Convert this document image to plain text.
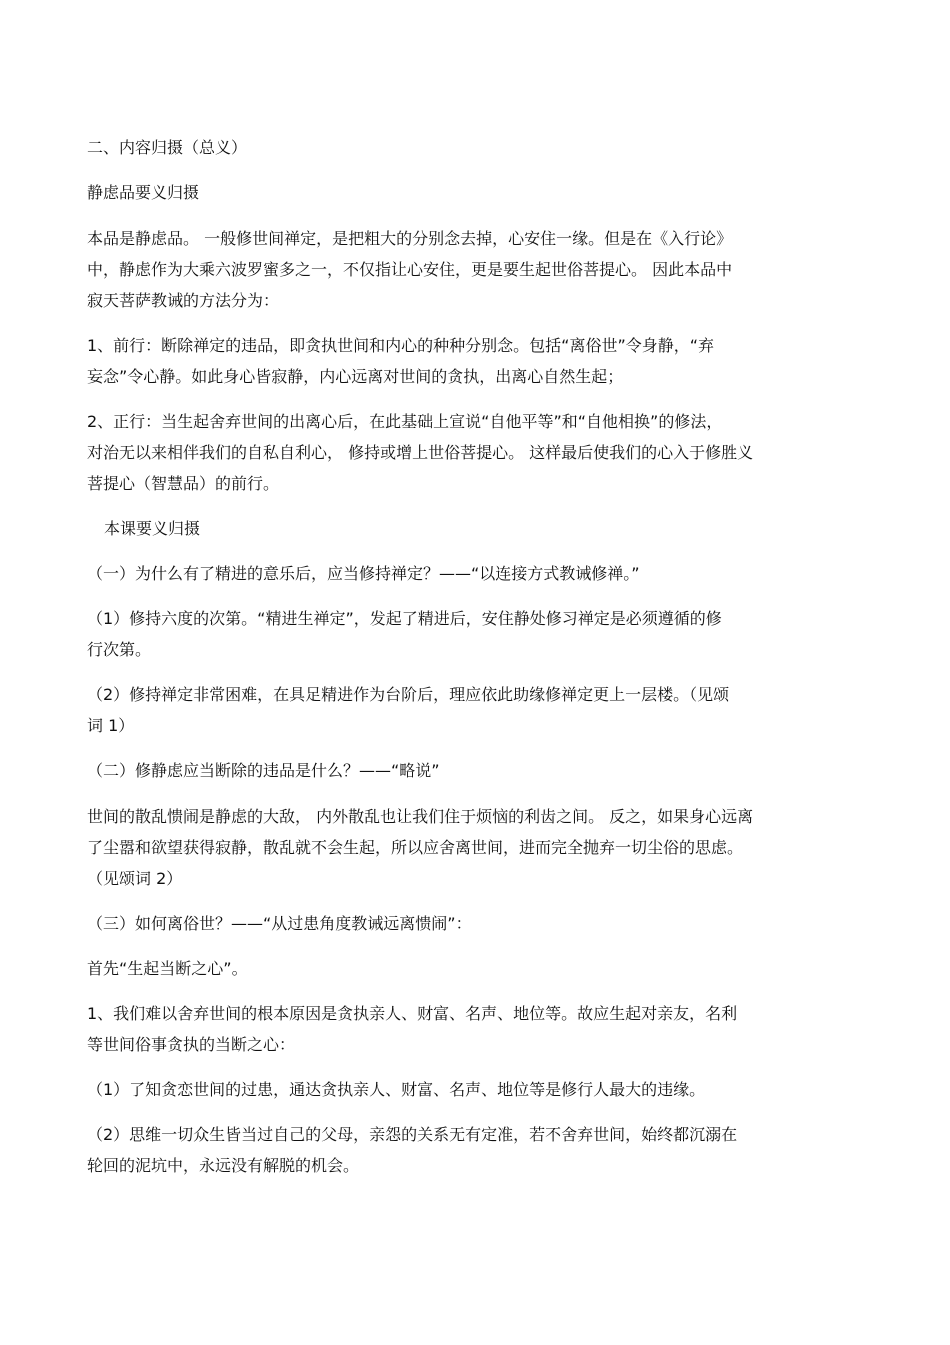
二、内容归摄（总义）
静虑品要义归摄
本品是静虑品。 一般修世间禅定，是把粗大的分别念去掉，心安住一缘。但是在《入行论》
中，静虑作为大乘六波罗蜜多之一，不仅指让心安住，更是要生起世俗菩提心。 因此本品中
寂天菩萨教诫的方法分为：
1、前行：断除禅定的违品，即贪执世间和内心的种种分别念。包括“离俗世”令身静，“弃
妄念”令心静。如此身心皆寂静，内心远离对世间的贪执，出离心自然生起；
2、正行：当生起舍弃世间的出离心后，在此基础上宣说“自他平等”和“自他相换”的修法，
对治无以来相伴我们的自私自利心， 修持或增上世俗菩提心。 这样最后使我们的心入于修胜义
菩提心（智慧品）的前行。
本课要义归摄
（一）为什么有了精进的意乐后，应当修持禅定？——“以连接方式教诫修禅。”
（1）修持六度的次第。“精进生禅定”，发起了精进后，安住静处修习禅定是必须遵循的修
行次第。
（2）修持禅定非常困难，在具足精进作为台阶后，理应依此助缘修禅定更上一层楼。（见颂
词 1）
（二）修静虑应当断除的违品是什么？——“略说”
世间的散乱愦闹是静虑的大敌， 内外散乱也让我们住于烦恼的利齿之间。 反之，如果身心远离
了尘嚣和欲望获得寂静，散乱就不会生起，所以应舍离世间，进而完全抛弃一切尘俗的思虑。
（见颂词 2）
（三）如何离俗世？——“从过患角度教诫远离愦闹”：
首先“生起当断之心”。
1、我们难以舍弃世间的根本原因是贪执亲人、财富、名声、地位等。故应生起对亲友，名利
等世间俗事贪执的当断之心：
（1）了知贪恋世间的过患，通达贪执亲人、财富、名声、地位等是修行人最大的违缘。
（2）思维一切众生皆当过自己的父母，亲怨的关系无有定准，若不舍弃世间，始终都沉溺在
轮回的泥坑中，永远没有解脱的机会。
